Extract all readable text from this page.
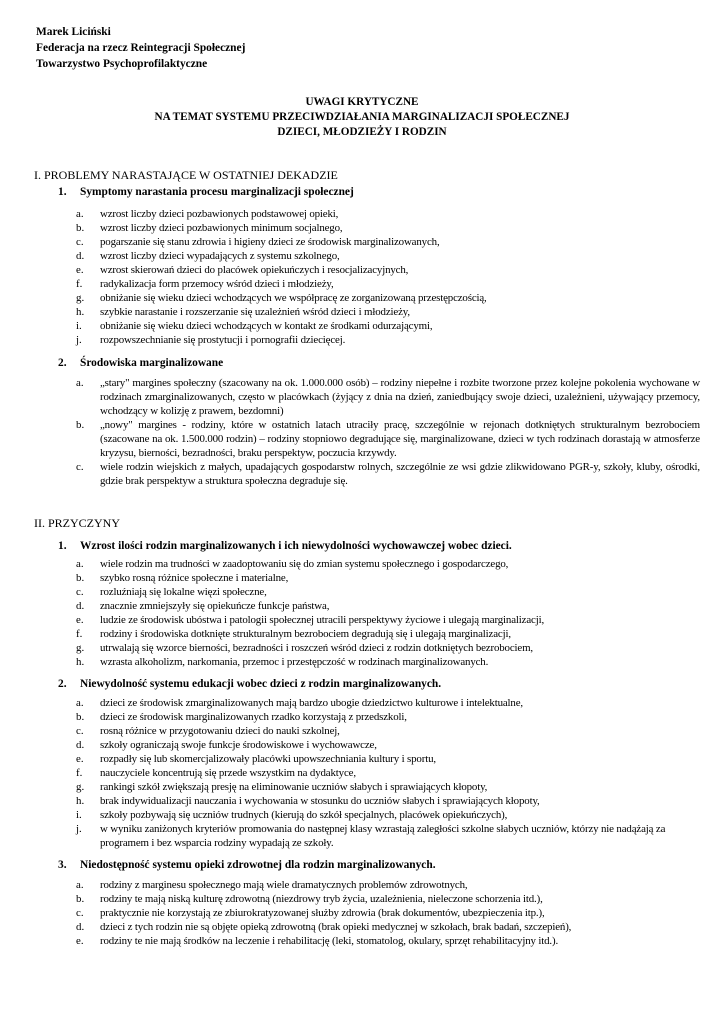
Marek Liciński
Federacja na rzecz Reintegracji Społecznej
Towarzystwo Psychoprofilaktyczne
UWAGI KRYTYCZNE
NA TEMAT SYSTEMU PRZECIWDZIAŁANIA MARGINALIZACJI SPOŁECZNEJ
DZIECI, MŁODZIEŻY I RODZIN
I. PROBLEMY NARASTAJĄCE W OSTATNIEJ DEKADZIE
1. Symptomy narastania procesu marginalizacji społecznej
a. wzrost liczby dzieci pozbawionych podstawowej opieki,
b. wzrost liczby dzieci pozbawionych minimum socjalnego,
c. pogarszanie się stanu zdrowia i higieny dzieci ze środowisk marginalizowanych,
d. wzrost liczby dzieci wypadających z systemu szkolnego,
e. wzrost skierowań dzieci do placówek opiekuńczych i resocjalizacyjnych,
f. radykalizacja form przemocy wśród dzieci i młodzieży,
g. obniżanie się wieku dzieci wchodzących we współpracę ze zorganizowaną przestępczością,
h. szybkie narastanie i rozszerzanie się uzależnień wśród dzieci i młodzieży,
i. obniżanie się wieku dzieci wchodzących w kontakt ze środkami odurzającymi,
j. rozpowszechnianie się prostytucji i pornografii dziecięcej.
2. Środowiska marginalizowane
a. „stary" margines społeczny (szacowany na ok. 1.000.000 osób) – rodziny niepełne i rozbite tworzone przez kolejne pokolenia wychowane w rodzinach zmarginalizowanych, często w placówkach (żyjący z dnia na dzień, zaniedbujący swoje dzieci, uzależnieni, używający przemocy, wchodzący w kolizję z prawem, bezdomni)
b. „nowy" margines - rodziny, które w ostatnich latach utraciły pracę, szczególnie w rejonach dotkniętych strukturalnym bezrobociem (szacowane na ok. 1.500.000 rodzin) – rodziny stopniowo degradujące się, marginalizowane, dzieci w tych rodzinach dorastają w atmosferze kryzysu, bierności, bezradności, braku perspektyw, poczucia krzywdy.
c. wiele rodzin wiejskich z małych, upadających gospodarstw rolnych, szczególnie ze wsi gdzie zlikwidowano PGR-y, szkoły, kluby, ośrodki, gdzie brak perspektyw a struktura społeczna degraduje się.
II. PRZYCZYNY
1. Wzrost ilości rodzin marginalizowanych i ich niewydolności wychowawczej wobec dzieci.
a. wiele rodzin ma trudności w zaadoptowaniu się do zmian systemu społecznego i gospodarczego,
b. szybko rosną różnice społeczne i materialne,
c. rozluźniają się lokalne więzi społeczne,
d. znacznie zmniejszyły się opiekuńcze funkcje państwa,
e. ludzie ze środowisk ubóstwa i patologii społecznej utracili perspektywy życiowe i ulegają marginalizacji,
f. rodziny i środowiska dotknięte strukturalnym bezrobociem degradują się i ulegają marginalizacji,
g. utrwalają się wzorce bierności, bezradności i roszczeń wśród dzieci z rodzin dotkniętych bezrobociem,
h. wzrasta alkoholizm, narkomania, przemoc i przestępczość w rodzinach marginalizowanych.
2. Niewydolność systemu edukacji wobec dzieci z rodzin marginalizowanych.
a. dzieci ze środowisk zmarginalizowanych mają bardzo ubogie dziedzictwo kulturowe i intelektualne,
b. dzieci ze środowisk marginalizowanych rzadko korzystają z przedszkoli,
c. rosną różnice w przygotowaniu dzieci do nauki szkolnej,
d. szkoły ograniczają swoje funkcje środowiskowe i wychowawcze,
e. rozpadły się lub skomercjalizowały placówki upowszechniania kultury i sportu,
f. nauczyciele koncentrują się przede wszystkim na dydaktyce,
g. rankingi szkół zwiększają presję na eliminowanie uczniów słabych i sprawiających kłopoty,
h. brak indywidualizacji nauczania i wychowania w stosunku do uczniów słabych i sprawiających kłopoty,
i. szkoły pozbywają się uczniów trudnych (kierują do szkół specjalnych, placówek opiekuńczych),
j. w wyniku zaniżonych kryteriów promowania do następnej klasy wzrastają zaległości szkolne słabych uczniów, którzy nie nadążają za programem i bez wsparcia rodziny wypadają ze szkoły.
3. Niedostępność systemu opieki zdrowotnej dla rodzin marginalizowanych.
a. rodziny z marginesu społecznego mają wiele dramatycznych problemów zdrowotnych,
b. rodziny te mają niską kulturę zdrowotną (niezdrowy tryb życia, uzależnienia, nieleczone schorzenia itd.),
c. praktycznie nie korzystają ze zbiurokratyzowanej służby zdrowia (brak dokumentów, ubezpieczenia itp.),
d. dzieci z tych rodzin nie są objęte opieką zdrowotną (brak opieki medycznej w szkołach, brak badań, szczepień),
e. rodziny te nie mają środków na leczenie i rehabilitację (leki, stomatolog, okulary, sprzęt rehabilitacyjny itd.).
